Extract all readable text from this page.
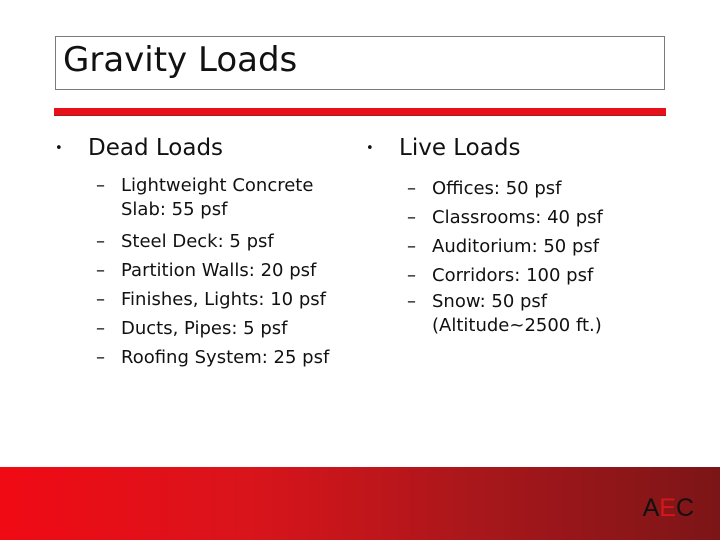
Gravity Loads
• Dead Loads
– Lightweight Concrete Slab: 55 psf
– Steel Deck: 5 psf
– Partition Walls: 20 psf
– Finishes, Lights: 10 psf
– Ducts, Pipes: 5 psf
– Roofing System: 25 psf
• Live Loads
– Offices: 50 psf
– Classrooms: 40 psf
– Auditorium: 50 psf
– Corridors: 100 psf
– Snow: 50 psf (Altitude~2500 ft.)
AEC
